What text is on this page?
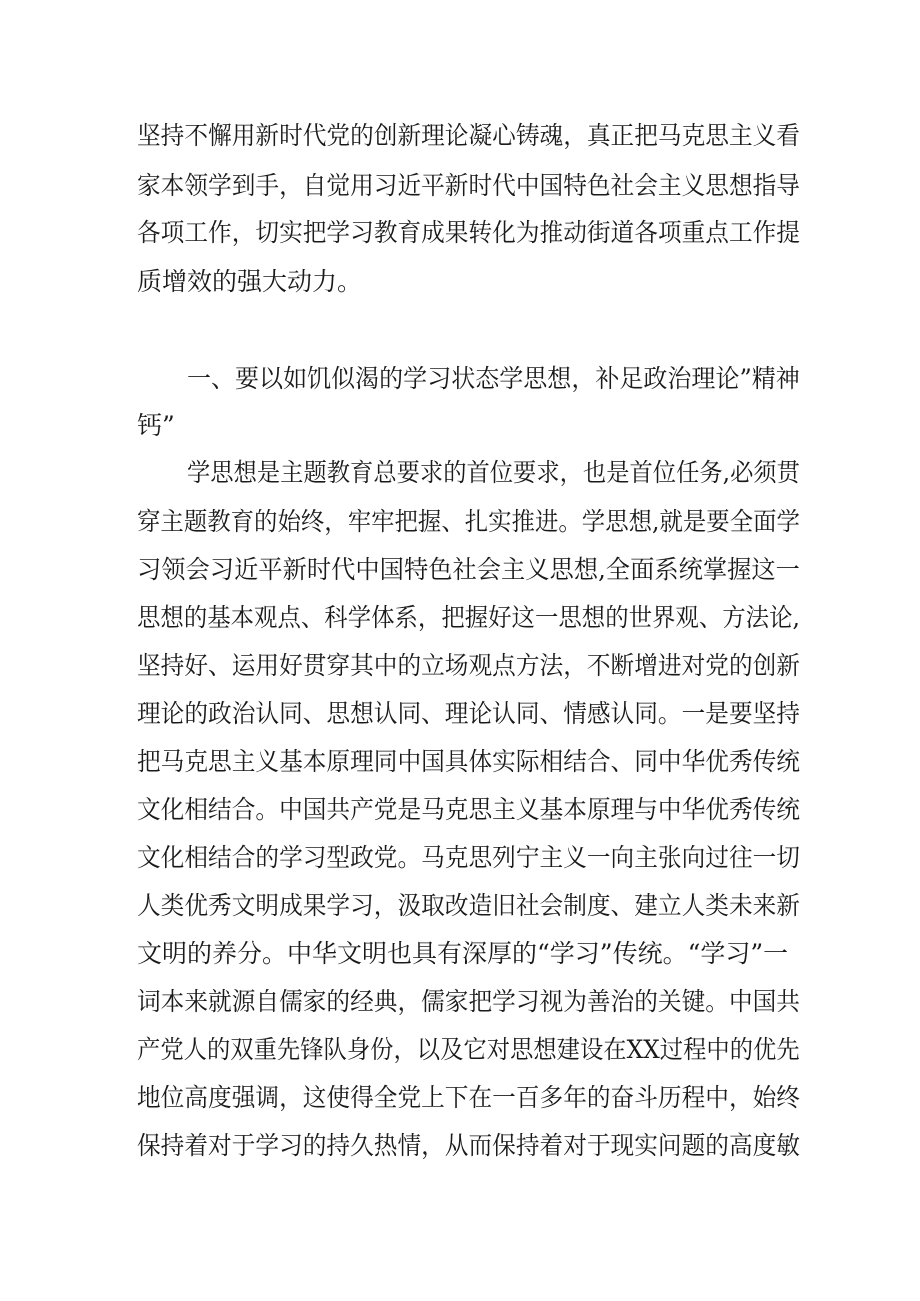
坚持不懈用新时代党的创新理论凝心铸魂，真正把马克思主义看
家本领学到手，自觉用习近平新时代中国特色社会主义思想指导
各项工作，切实把学习教育成果转化为推动街道各项重点工作提
质增效的强大动力。
一、要以如饥似渴的学习状态学思想，补足政治理论”精神
钙”
学思想是主题教育总要求的首位要求，也是首位任务,必须贯
穿主题教育的始终，牢牢把握、扎实推进。学思想,就是要全面学
习领会习近平新时代中国特色社会主义思想,全面系统掌握这一
思想的基本观点、科学体系，把握好这一思想的世界观、方法论,
坚持好、运用好贯穿其中的立场观点方法，不断增进对党的创新
理论的政治认同、思想认同、理论认同、情感认同。一是要坚持
把马克思主义基本原理同中国具体实际相结合、同中华优秀传统
文化相结合。中国共产党是马克思主义基本原理与中华优秀传统
文化相结合的学习型政党。马克思列宁主义一向主张向过往一切
人类优秀文明成果学习，汲取改造旧社会制度、建立人类未来新
文明的养分。中华文明也具有深厚的“学习”传统。“学习”一
词本来就源自儒家的经典，儒家把学习视为善治的关键。中国共
产党人的双重先锋队身份，以及它对思想建设在XX过程中的优先
地位高度强调，这使得全党上下在一百多年的奋斗历程中，始终
保持着对于学习的持久热情，从而保持着对于现实问题的高度敏
